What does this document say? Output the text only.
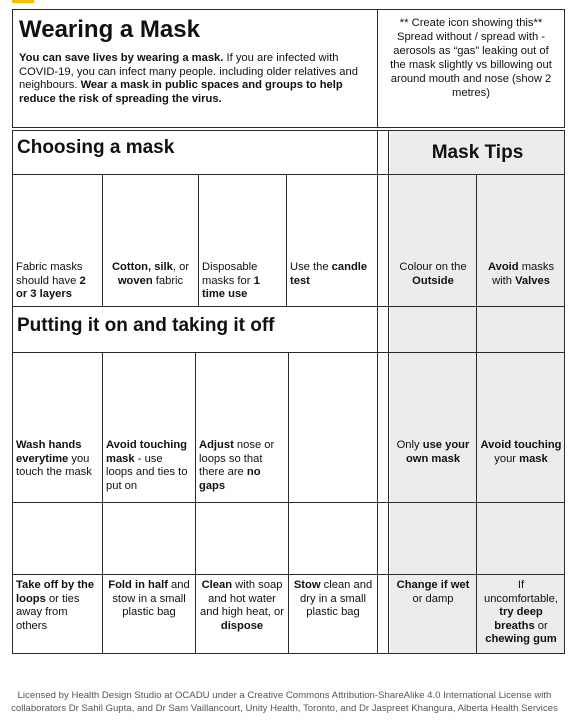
Wearing a Mask
You can save lives by wearing a mask. If you are infected with COVID-19, you can infect many people. including older relatives and neighbours. Wear a mask in public spaces and groups to help reduce the risk of spreading the virus.
** Create icon showing this** Spread without / spread with - aerosols as “gas” leaking out of the mask slightly vs billowing out around mouth and nose (show 2 metres)
Choosing a mask	Mask Tips
Putting it on and taking it off
Fabric masks should have 2 or 3 layers
Cotton, silk, or woven fabric
Disposable masks for 1 time use
Use the candle test
Colour on the Outside
Avoid masks with Valves
Wash hands everytime you touch the mask
Avoid touching mask - use loops and ties to put on
Adjust nose or loops so that there are no gaps
Only use your own mask
Avoid touching your mask
Take off by the loops or ties away from others
Fold in half and stow in a small plastic bag
Clean with soap and hot water and high heat, or dispose
Stow clean and dry in a small plastic bag
Change if wet or damp
If uncomfortable, try deep breaths or chewing gum
Licensed by Health Design Studio at OCADU under a Creative Commons Attribution-ShareAlike 4.0 International License with collaborators Dr Sahil Gupta, and Dr Sam Vaillancourt, Unity Health, Toronto, and Dr Jaspreet Khangura, Alberta Health Services
